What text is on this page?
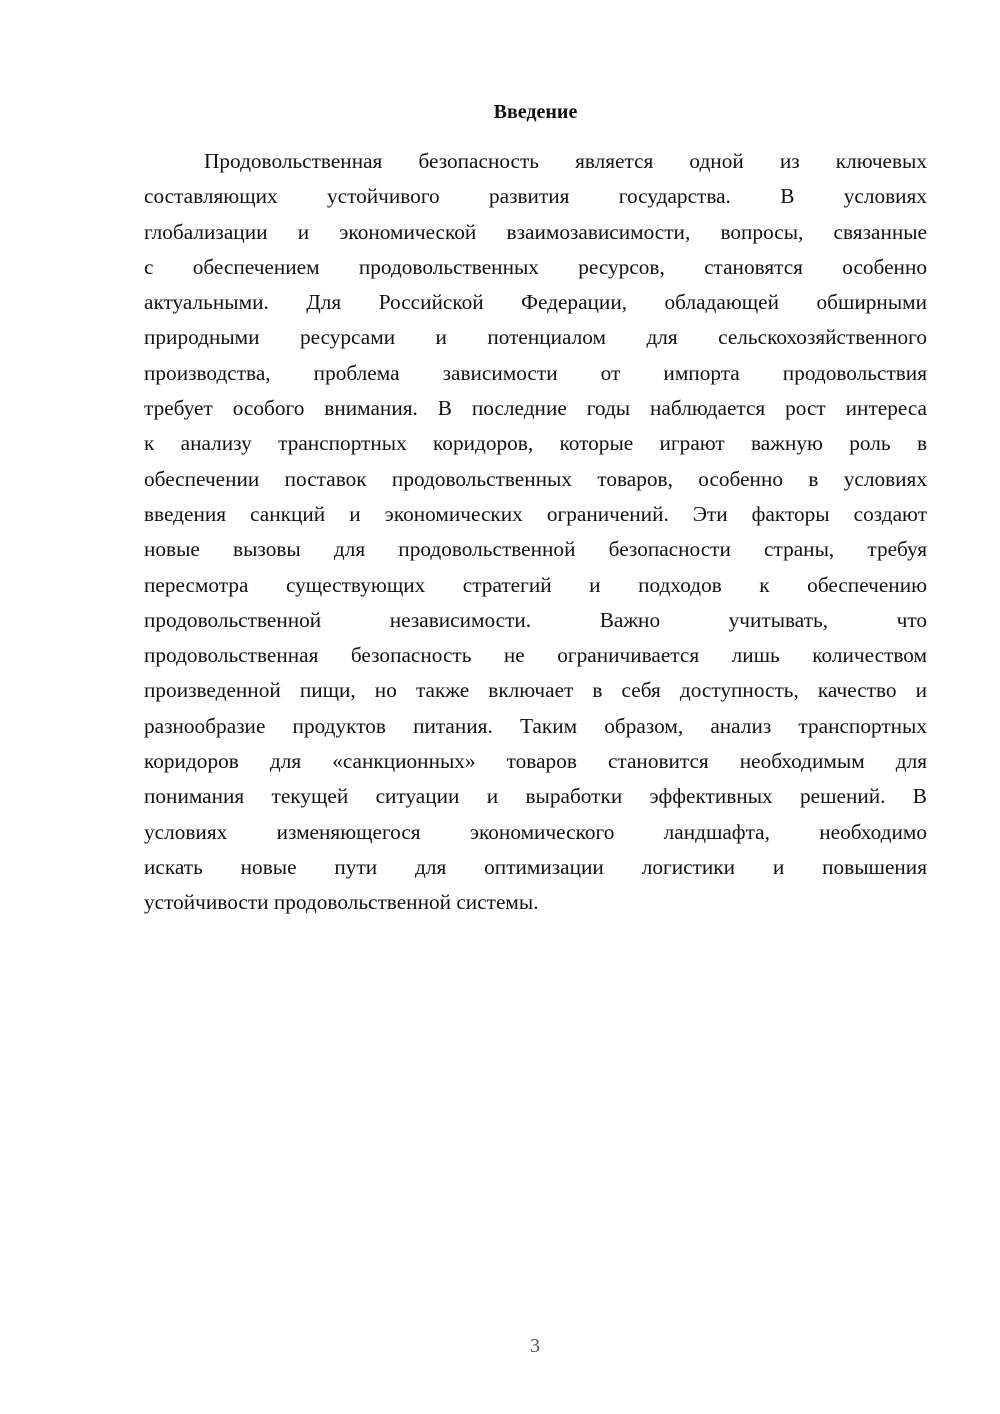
Введение

Продовольственная безопасность является одной из ключевых
составляющих устойчивого развития государства. В условиях
глобализации и экономической взаимозависимости, вопросы, связанные
с обеспечением продовольственных ресурсов, становятся особенно
актуальными. Для Российской Федерации, обладающей обширными
природными ресурсами и потенциалом для сельскохозяйственного
производства, проблема зависимости от импорта продовольствия
требует особого внимания. В последние годы наблюдается рост интереса
к анализу транспортных коридоров, которые играют важную роль в
обеспечении поставок продовольственных товаров, особенно в условиях
введения санкций и экономических ограничений. Эти факторы создают
новые вызовы для продовольственной безопасности страны, требуя
пересмотра существующих стратегий и подходов к обеспечению
продовольственной независимости. Важно учитывать, что
продовольственная безопасность не ограничивается лишь количеством
произведенной пищи, но также включает в себя доступность, качество и
разнообразие продуктов питания. Таким образом, анализ транспортных
коридоров для «санкционных» товаров становится необходимым для
понимания текущей ситуации и выработки эффективных решений. В
условиях изменяющегося экономического ландшафта, необходимо
искать новые пути для оптимизации логистики и повышения
устойчивости продовольственной системы.

3
